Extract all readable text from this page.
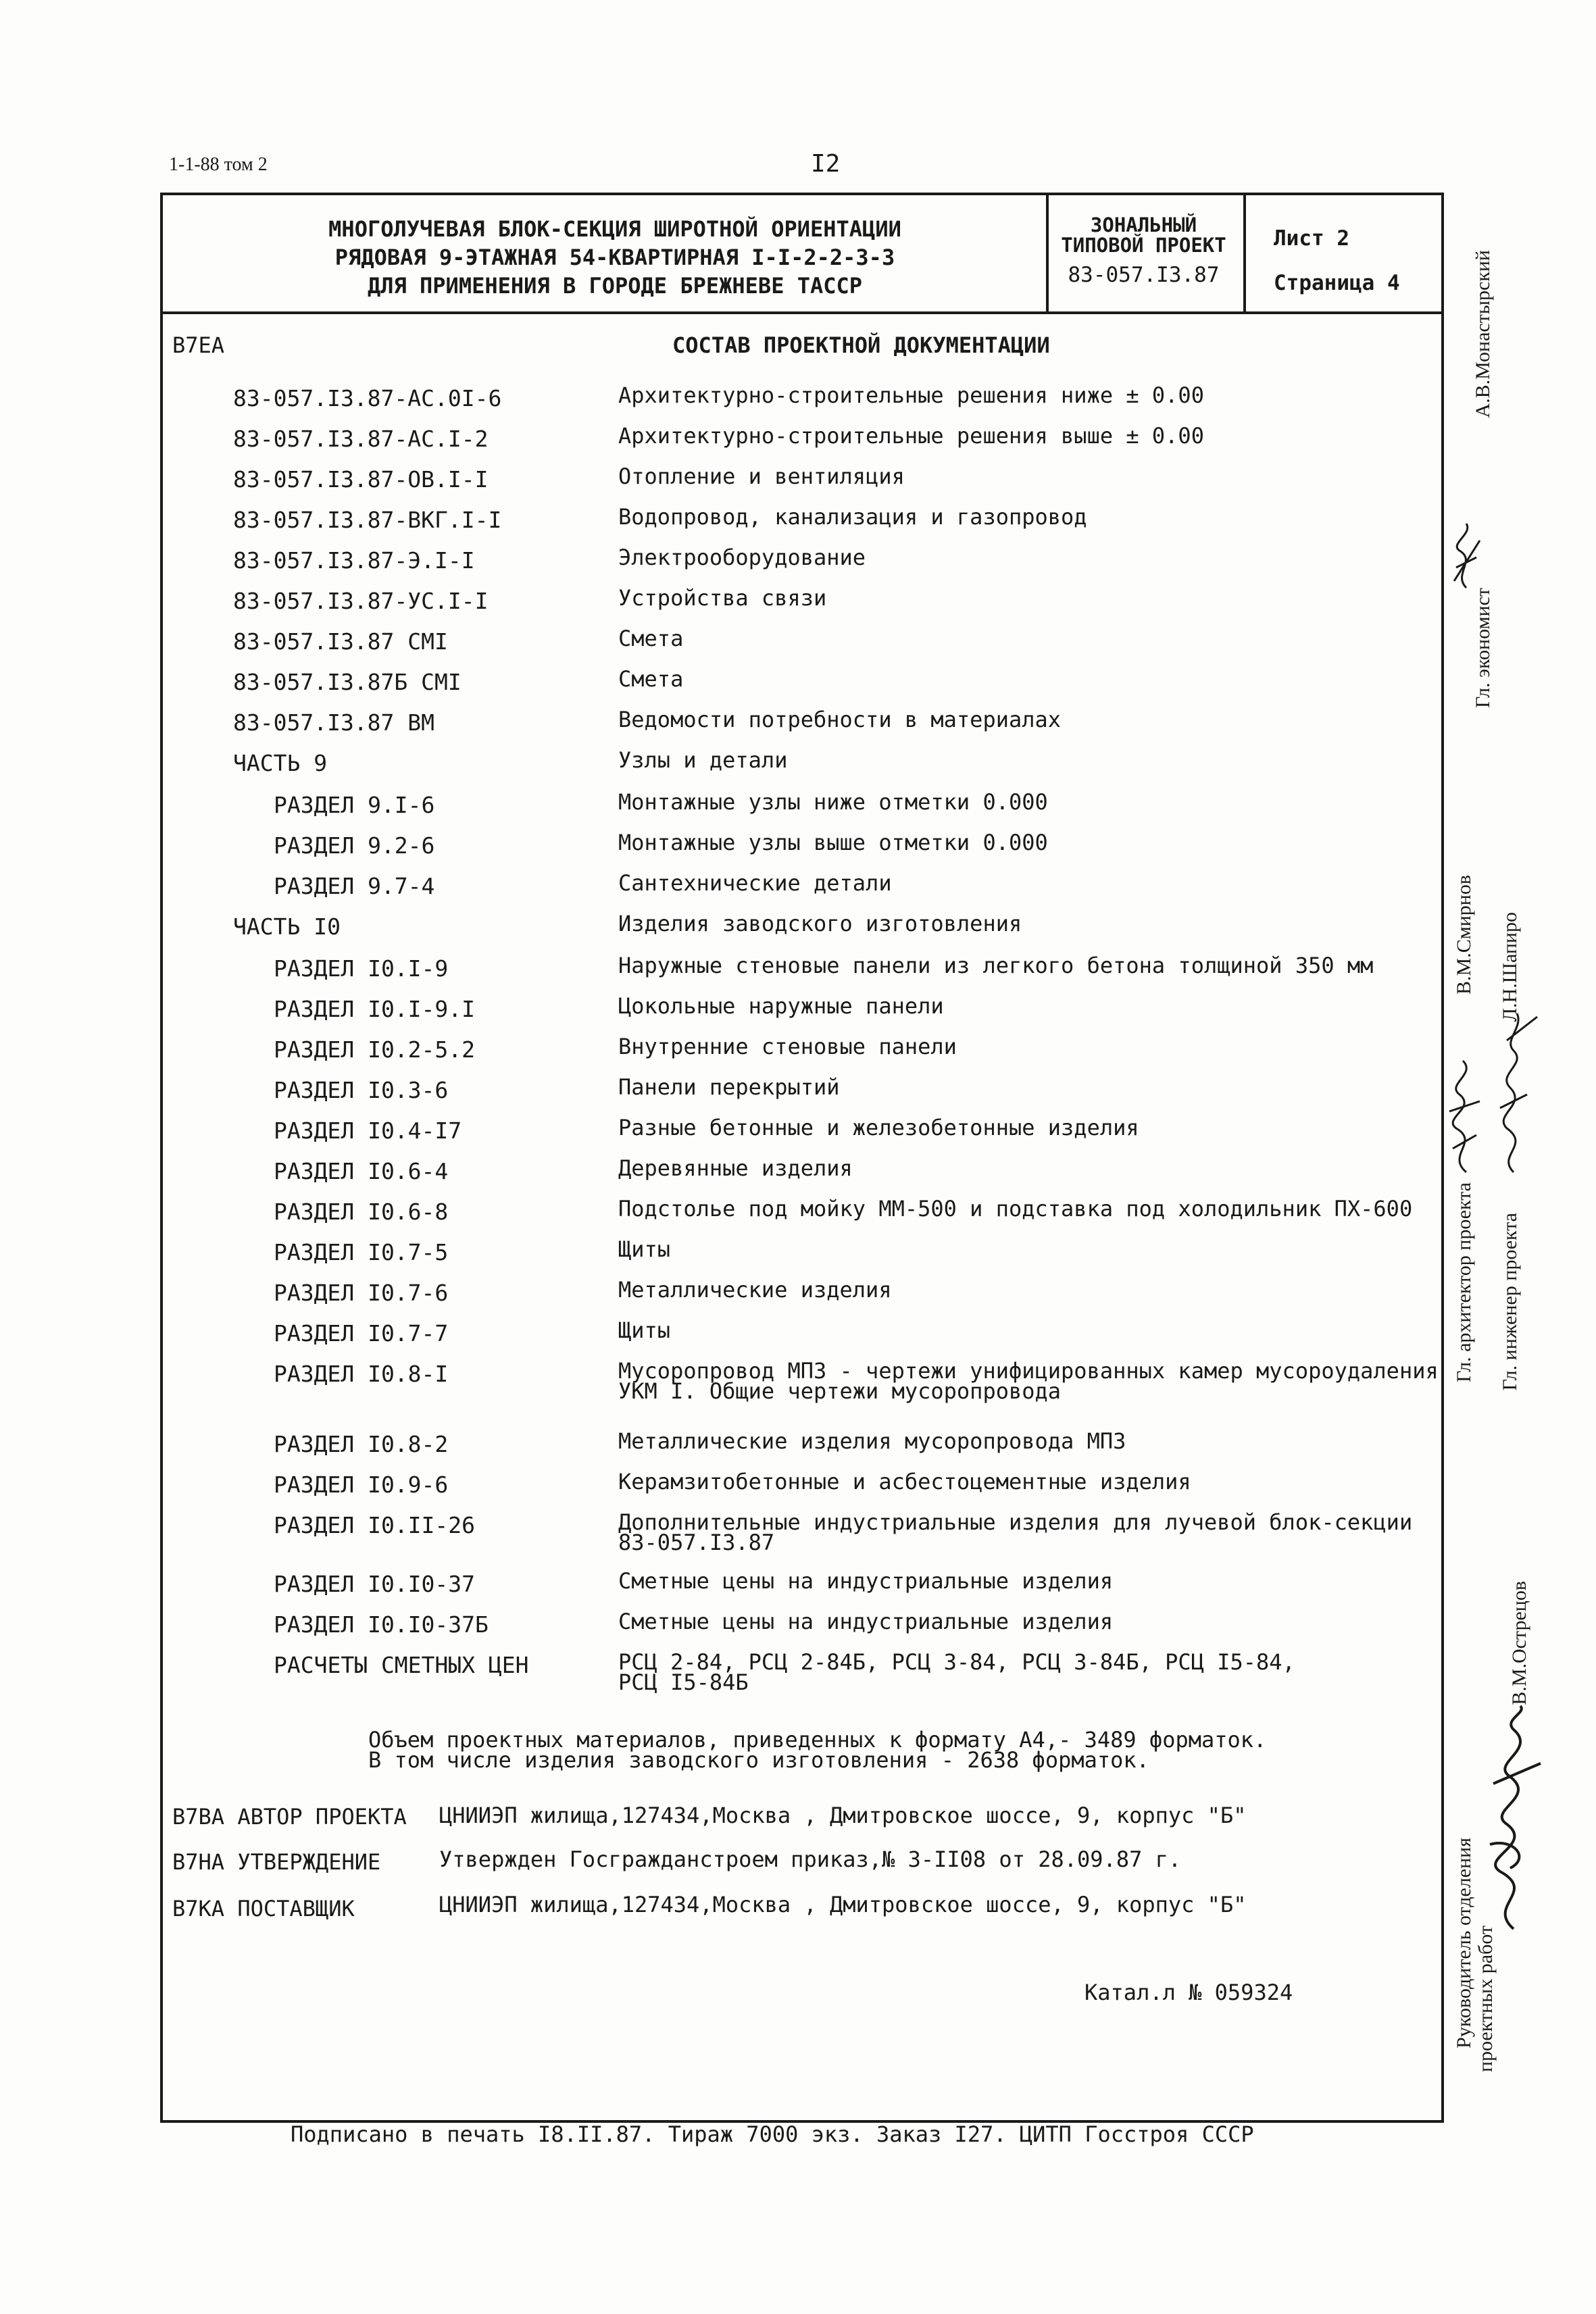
1-1-88 том 2	I2
МНОГОЛУЧЕВАЯ БЛОК-СЕКЦИЯ ШИРОТНОЙ ОРИЕНТАЦИИ
РЯДОВАЯ 9-ЭТАЖНАЯ 54-КВАРТИРНАЯ I-I-2-2-3-3
ДЛЯ ПРИМЕНЕНИЯ В ГОРОДЕ БРЕЖНЕВЕ ТАССР
ЗОНАЛЬНЫЙ
ТИПОВОЙ ПРОЕКТ
83-057.I3.87
Лист 2
Страница 4
В7ЕА	СОСТАВ ПРОЕКТНОЙ ДОКУМЕНТАЦИИ
83-057.I3.87-АС.0I-6	Архитектурно-строительные решения ниже ± 0.00
83-057.I3.87-АС.I-2	Архитектурно-строительные решения выше ± 0.00
83-057.I3.87-ОВ.I-I	Отопление и вентиляция
83-057.I3.87-ВКГ.I-I	Водопровод, канализация и газопровод
83-057.I3.87-Э.I-I	Электрооборудование
83-057.I3.87-УС.I-I	Устройства связи
83-057.I3.87 СМI	Смета
83-057.I3.87Б СМI	Смета
83-057.I3.87 ВМ	Ведомости потребности в материалах
ЧАСТЬ 9	Узлы и детали
РАЗДЕЛ 9.I-6	Монтажные узлы ниже отметки 0.000
РАЗДЕЛ 9.2-6	Монтажные узлы выше отметки 0.000
РАЗДЕЛ 9.7-4	Сантехнические детали
ЧАСТЬ I0	Изделия заводского изготовления
РАЗДЕЛ I0.I-9	Наружные стеновые панели из легкого бетона толщиной 350 мм
РАЗДЕЛ I0.I-9.I	Цокольные наружные панели
РАЗДЕЛ I0.2-5.2	Внутренние стеновые панели
РАЗДЕЛ I0.3-6	Панели перекрытий
РАЗДЕЛ I0.4-I7	Разные бетонные и железобетонные изделия
РАЗДЕЛ I0.6-4	Деревянные изделия
РАЗДЕЛ I0.6-8	Подстолье под мойку ММ-500 и подставка под холодильник ПХ-600
РАЗДЕЛ I0.7-5	Щиты
РАЗДЕЛ I0.7-6	Металлические изделия
РАЗДЕЛ I0.7-7	Щиты
РАЗДЕЛ I0.8-I	Мусоропровод МПЗ - чертежи унифицированных камер мусороудаления
УКМ I. Общие чертежи мусоропровода
РАЗДЕЛ I0.8-2	Металлические изделия мусоропровода МПЗ
РАЗДЕЛ I0.9-6	Керамзитобетонные и асбестоцементные изделия
РАЗДЕЛ I0.II-26	Дополнительные индустриальные изделия для лучевой блок-секции
83-057.I3.87
РАЗДЕЛ I0.I0-37	Сметные цены на индустриальные изделия
РАЗДЕЛ I0.I0-37Б	Сметные цены на индустриальные изделия
РАСЧЕТЫ СМЕТНЫХ ЦЕН	РСЦ 2-84, РСЦ 2-84Б, РСЦ 3-84, РСЦ 3-84Б, РСЦ I5-84,
РСЦ I5-84Б
Объем проектных материалов, приведенных к формату А4,- 3489 форматок.
В том числе изделия заводского изготовления - 2638 форматок.
В7ВА АВТОР ПРОЕКТА ЦНИИЭП жилища,127434,Москва , Дмитровское шоссе, 9, корпус "Б"
В7НА УТВЕРЖДЕНИЕ	Утвержден Госгражданстроем приказ,№ 3-II08 от 28.09.87 г.
В7КА ПОСТАВЩИК	ЦНИИЭП жилища,127434,Москва , Дмитровское шоссе, 9, корпус "Б"
Катал.л № 059324
Подписано в печать I8.II.87. Тираж 7000 экз. Заказ I27. ЦИТП Госстроя СССР
Гл. экономист
А.В.Монастырский
Гл. архитектор проекта
В.М.Смирнов
Гл. инженер проекта
Л.Н.Шапиро
Руководитель отделения проектных работ
В.М.Острецов
